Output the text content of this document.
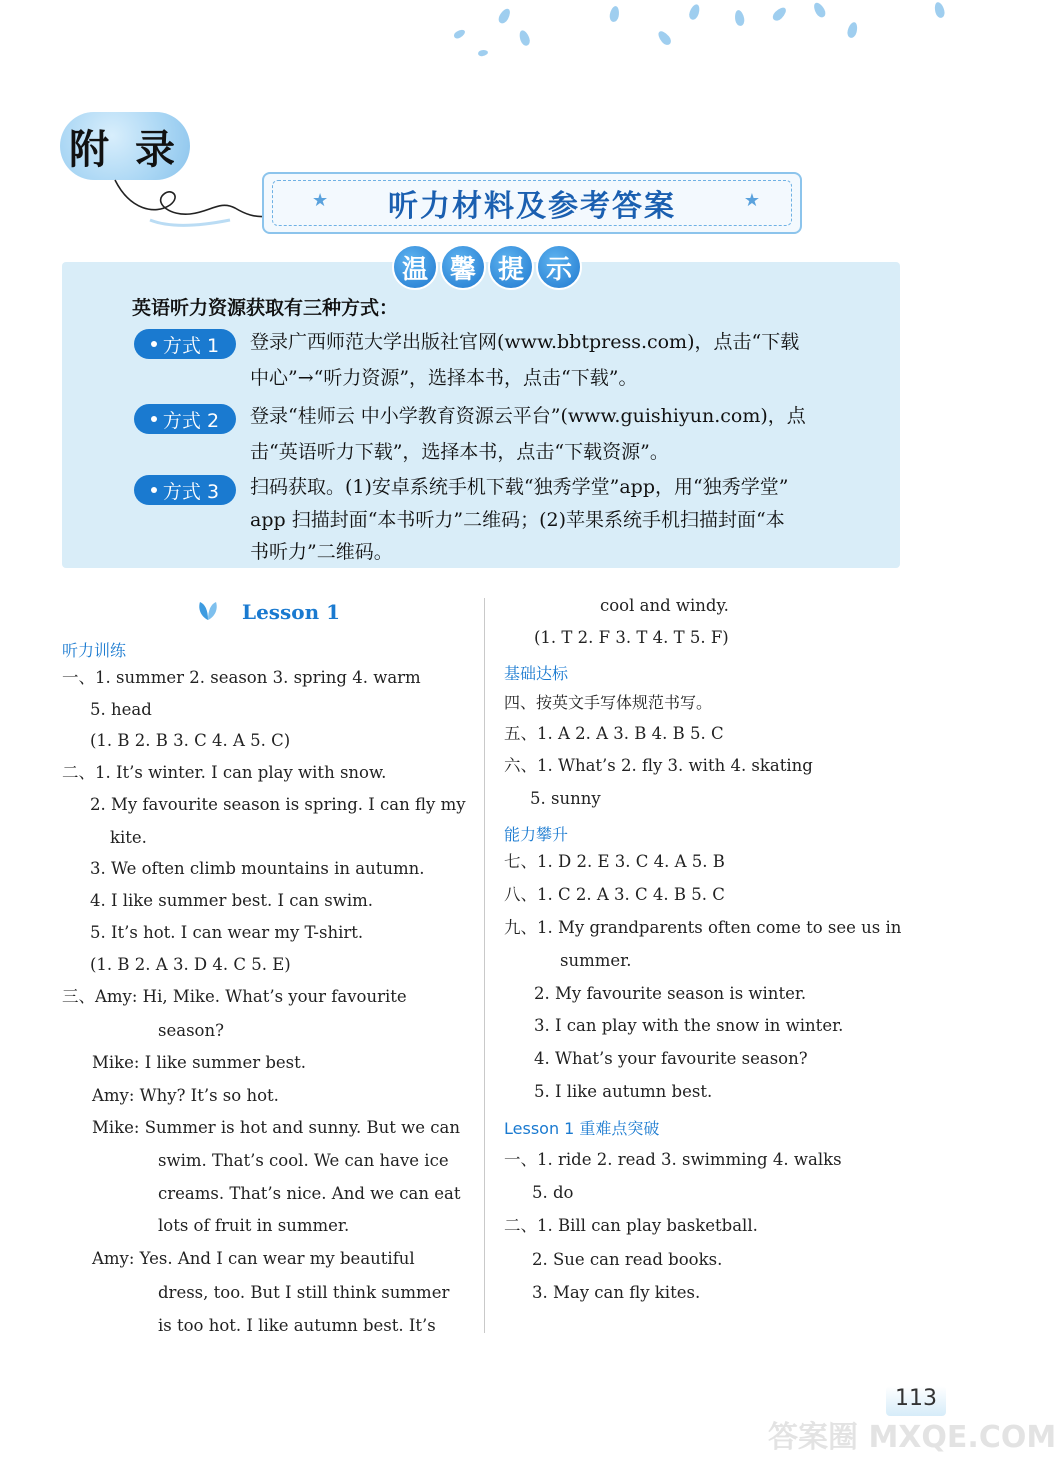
附 录
听力材料及参考答案
★	★
温 馨 提 示
英语听力资源获取有三种方式：
方式 1 登录广西师范大学出版社官网(www.bbtpress.com)，点击“下载
中心”→“听力资源”，选择本书，点击“下载”。
方式 2 登录“桂师云 中小学教育资源云平台”(www.guishiyun.com)，点
击“英语听力下载”，选择本书，点击“下载资源”。
方式 3 扫码获取。(1)安卓系统手机下载“独秀学堂”app，用“独秀学堂”
app 扫描封面“本书听力”二维码；(2)苹果系统手机扫描封面“本
书听力”二维码。
Lesson 1
听力训练
一、1. summer 2. season 3. spring 4. warm
5. head
(1. B 2. B 3. C 4. A 5. C)
二、1. It’s winter. I can play with snow.
2. My favourite season is spring. I can fly my
kite.
3. We often climb mountains in autumn.
4. I like summer best. I can swim.
5. It’s hot. I can wear my T-shirt.
(1. B 2. A 3. D 4. C 5. E)
三、Amy: Hi, Mike. What’s your favourite
season?
Mike: I like summer best.
Amy: Why? It’s so hot.
Mike: Summer is hot and sunny. But we can
swim. That’s cool. We can have ice
creams. That’s nice. And we can eat
lots of fruit in summer.
Amy: Yes. And I can wear my beautiful
dress, too. But I still think summer
is too hot. I like autumn best. It’s
cool and windy.
(1. T 2. F 3. T 4. T 5. F)
基础达标
四、按英文手写体规范书写。
五、1. A 2. A 3. B 4. B 5. C
六、1. What’s 2. fly 3. with 4. skating
5. sunny
能力攀升
七、1. D 2. E 3. C 4. A 5. B
八、1. C 2. A 3. C 4. B 5. C
九、1. My grandparents often come to see us in
summer.
2. My favourite season is winter.
3. I can play with the snow in winter.
4. What’s your favourite season?
5. I like autumn best.
Lesson 1 重难点突破
一、1. ride 2. read 3. swimming 4. walks
5. do
二、1. Bill can play basketball.
2. Sue can read books.
3. May can fly kites.
答案圈 MXQE.COM
113
